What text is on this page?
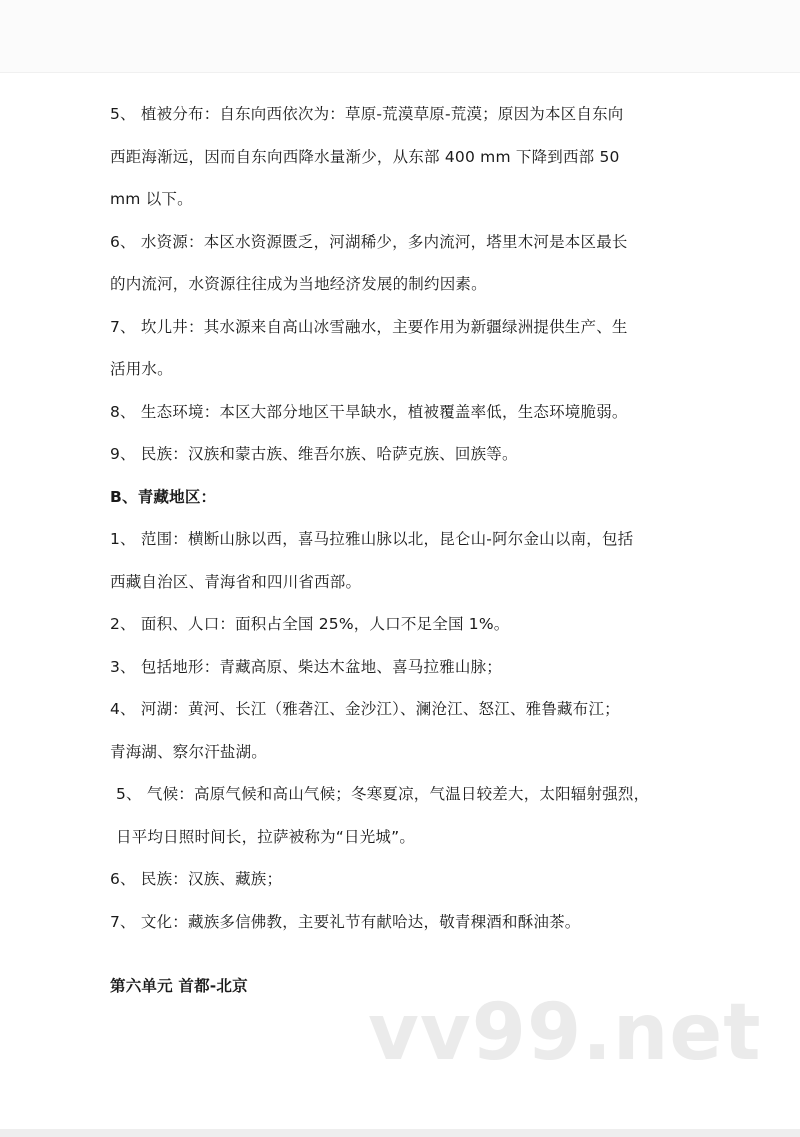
5、 植被分布：自东向西依次为：草原-荒漠草原-荒漠；原因为本区自东向
西距海渐远，因而自东向西降水量渐少，从东部 400 mm 下降到西部 50
mm 以下。
6、 水资源：本区水资源匮乏，河湖稀少，多内流河，塔里木河是本区最长
的内流河，水资源往往成为当地经济发展的制约因素。
7、 坎儿井：其水源来自高山冰雪融水，主要作用为新疆绿洲提供生产、生
活用水。
8、 生态环境：本区大部分地区干旱缺水，植被覆盖率低，生态环境脆弱。
9、 民族：汉族和蒙古族、维吾尔族、哈萨克族、回族等。
B、青藏地区：
1、 范围：横断山脉以西，喜马拉雅山脉以北，昆仑山-阿尔金山以南，包括
西藏自治区、青海省和四川省西部。
2、 面积、人口：面积占全国 25%，人口不足全国 1%。
3、 包括地形：青藏高原、柴达木盆地、喜马拉雅山脉；
4、 河湖：黄河、长江（雅砻江、金沙江）、澜沧江、怒江、雅鲁藏布江；
青海湖、察尔汗盐湖。
5、 气候：高原气候和高山气候；冬寒夏凉，气温日较差大，太阳辐射强烈，
日平均日照时间长，拉萨被称为“日光城”。
6、 民族：汉族、藏族；
7、 文化：藏族多信佛教，主要礼节有献哈达，敬青稞酒和酥油茶。
第六单元 首都-北京
vv99.net
